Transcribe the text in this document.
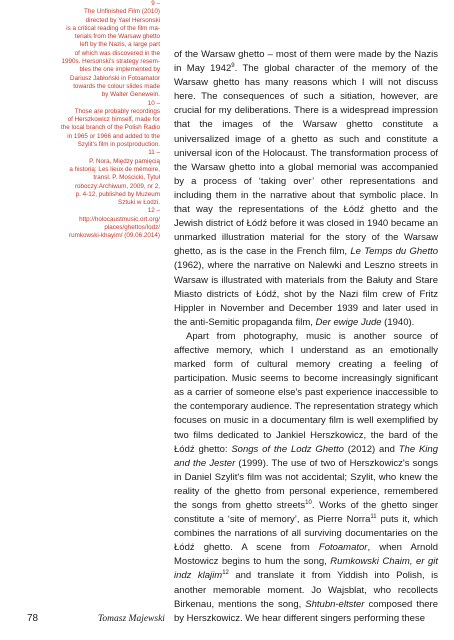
9 –
The Unfinished Film (2010)
directed by Yael Hersonski
is a critical reading of the film ma-
terials from the Warsaw ghetto
left by the Nazis, a large part
of which was discovered in the
1990s. Hersonski's strategy resem-
bles the one implemented by
Dariusz Jabłoński in Fotoamator
towards the colour slides made
by Walter Genewein.
10 –
Those are probably recordings
of Herszkowicz himself, made for
the local branch of the Polish Radio
in 1965 or 1966 and added to the
Szylit's film in postproduction.
11 –
P. Nora, Między pamięcią
a historią: Les lieux de mémoire,
transl. P. Mościcki, Tytuł
roboczy:Archiwum, 2009, nr 2,
p. 4-12, published by Muzeum
Sztuki w Łodzi.
12 –
http://holocaustmusic.ort.org/
places/ghettos/lodz/
rumkowski-khayim/ (09.06.2014)

of the Warsaw ghetto – most of them were made by the Nazis in May 1942$^9$. The global character of the memory of the Warsaw ghetto has many reasons which I will not discuss here. The consequences of such a sitiation, however, are crucial for my deliberations. There is a widespread impression that the images of the Warsaw ghetto constitute a universalized image of a ghetto as such and constitute a universal icon of the Holocaust. The transformation process of the Warsaw ghetto into a global memorial was accompanied by a process of ‘taking over’ other representations and including them in the narrative about that symbolic place. In that way the representations of the Łódź ghetto and the Jewish district of Łódź before it was closed in 1940 became an unmarked illustration material for the story of the Warsaw ghetto, as is the case in the French film, Le Temps du Ghetto (1962), where the narrative on Nalewki and Leszno streets in Warsaw is illustrated with materials from the Bałuty and Stare Miasto districts of Łódź, shot by the Nazi film crew of Fritz Hippler in November and December 1939 and later used in the anti-Semitic propaganda film, Der ewige Jude (1940).

Apart from photography, music is another source of affective memory, which I understand as an emotionally marked form of cultural memory creating a feeling of participation. Music seems to become increasingly significant as a carrier of someone else's past experience inaccessible to the contemporary audience. The representation strategy which focuses on music in a documentary film is well exemplified by two films dedicated to Jankiel Herszkowicz, the bard of the Łódź ghetto: Songs of the Lodz Ghetto (2012) and The King and the Jester (1999). The use of two of Herszkowicz's songs in Daniel Szylit's film was not accidental; Szylit, who knew the reality of the ghetto from personal experience, remembered the songs from ghetto streets$^{10}$. Works of the ghetto singer constitute a ‘site of memory’, as Pierre Norra$^{11}$ puts it, which combines the narrations of all surviving documentaries on the Łódź ghetto. A scene from Fotoamator, when Arnold Mostowicz begins to hum the song, Rumkowski Chaim, er git indz klajim$^{12}$ and translate it from Yiddish into Polish, is another memorable moment. Jo Wajsblat, who recollects Birkenau, mentions the song, Shtubn-eltster composed there by Herszkowicz. We hear different singers performing these

78	Tomasz Majewski
